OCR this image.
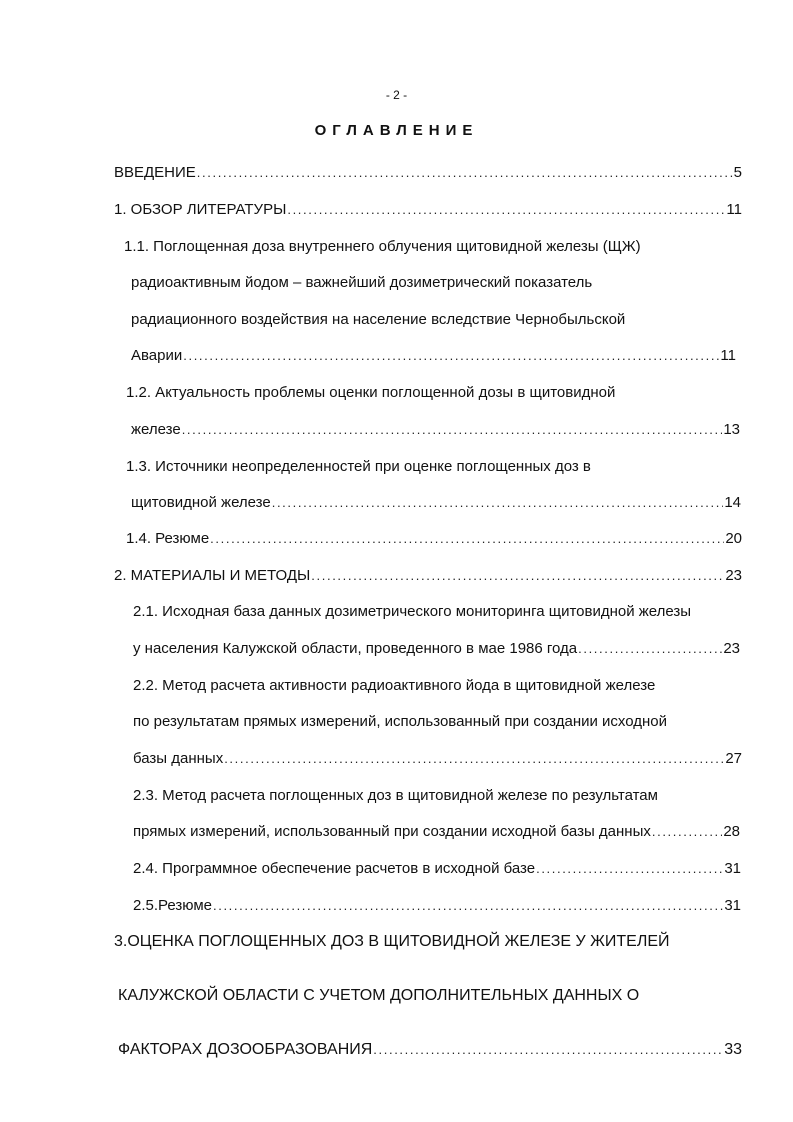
- 2 -
ОГЛАВЛЕНИЕ
ВВЕДЕНИЕ . . .	5
1. ОБЗОР ЛИТЕРАТУРЫ . . .	11
1.1. Поглощенная доза внутреннего облучения щитовидной железы (ЩЖ)
радиоактивным йодом – важнейший дозиметрический показатель
радиационного воздействия на население вследствие Чернобыльской
Аварии . . .	11
1.2. Актуальность проблемы оценки поглощенной дозы в щитовидной
железе . . .	13
1.3. Источники неопределенностей при оценке поглощенных доз в
щитовидной железе . . .	14
1.4. Резюме . . .	20
2. МАТЕРИАЛЫ И МЕТОДЫ . . .	23
2.1. Исходная база данных дозиметрического мониторинга щитовидной железы
у населения Калужской области, проведенного в мае 1986 года . . .	23
2.2. Метод расчета активности радиоактивного йода в щитовидной железе
по результатам прямых измерений, использованный при создании исходной
базы данных . . .	27
2.3. Метод расчета поглощенных доз в щитовидной железе по результатам
прямых измерений, использованный при создании исходной базы данных . . .	28
2.4. Программное обеспечение расчетов в исходной базе . . .	31
2.5.Резюме . . .	31
3.ОЦЕНКА ПОГЛОЩЕННЫХ ДОЗ В ЩИТОВИДНОЙ ЖЕЛЕЗЕ У ЖИТЕЛЕЙ
КАЛУЖСКОЙ ОБЛАСТИ С УЧЕТОМ ДОПОЛНИТЕЛЬНЫХ ДАННЫХ О
ФАКТОРАХ ДОЗООБРАЗОВАНИЯ . . .	33
